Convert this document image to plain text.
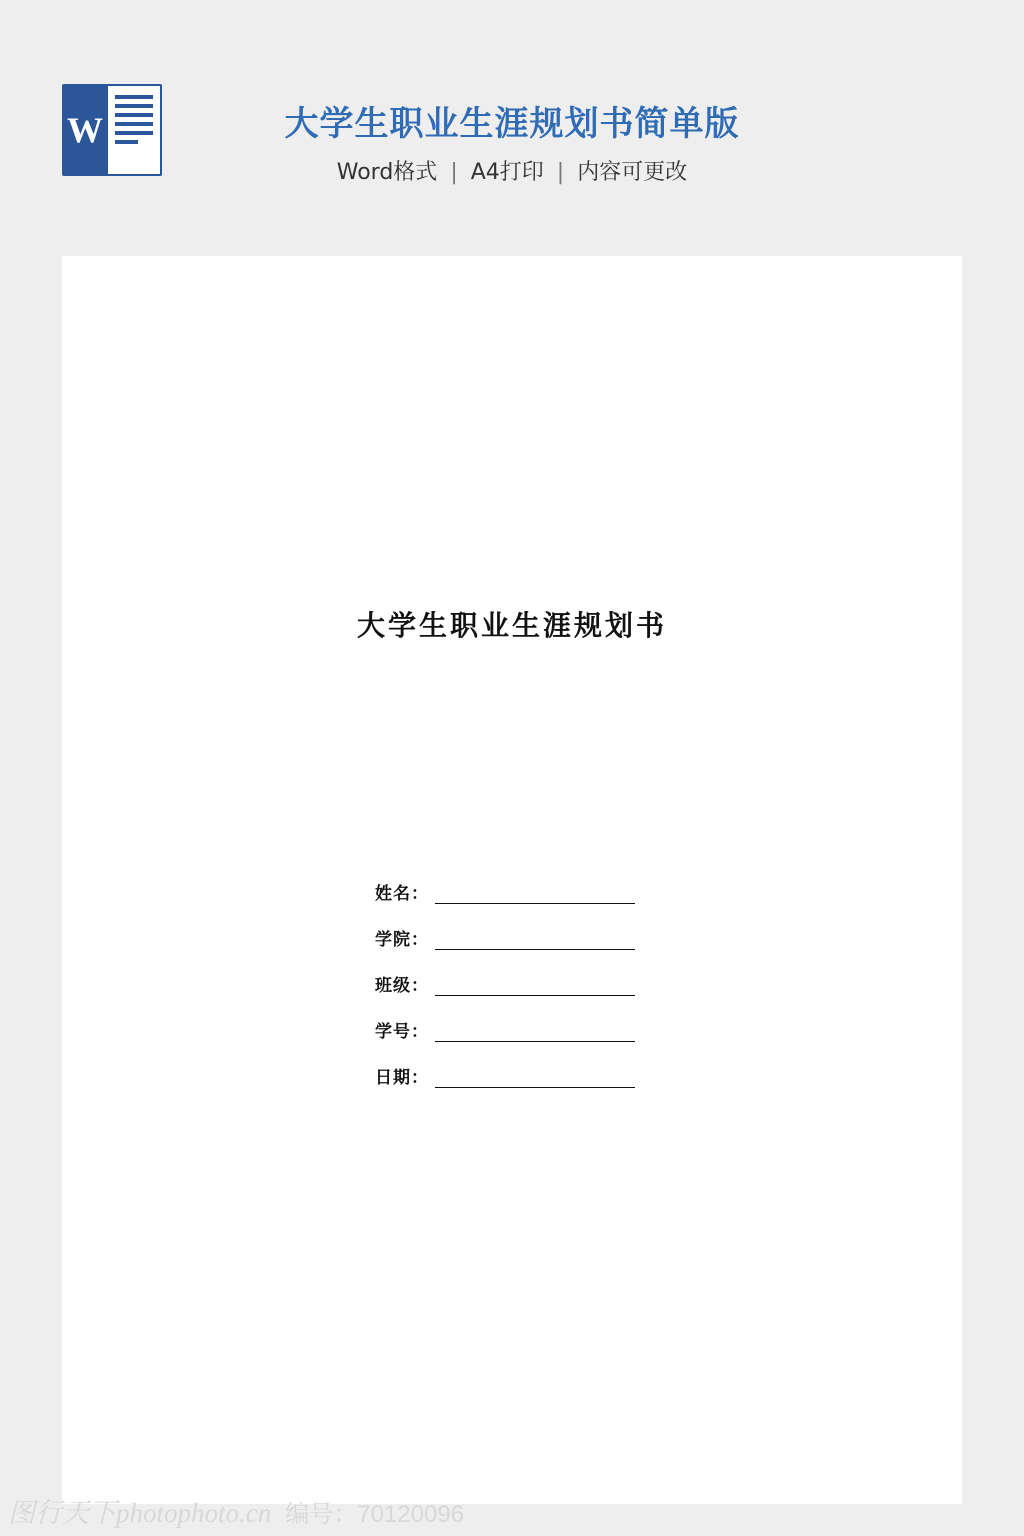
W	大学生职业生涯规划书简单版
Word格式 | A4打印 | 内容可更改
大学生职业生涯规划书
姓名：
学院：
班级：
学号：
日期：
图行天下photophoto.cn 编号：70120096
